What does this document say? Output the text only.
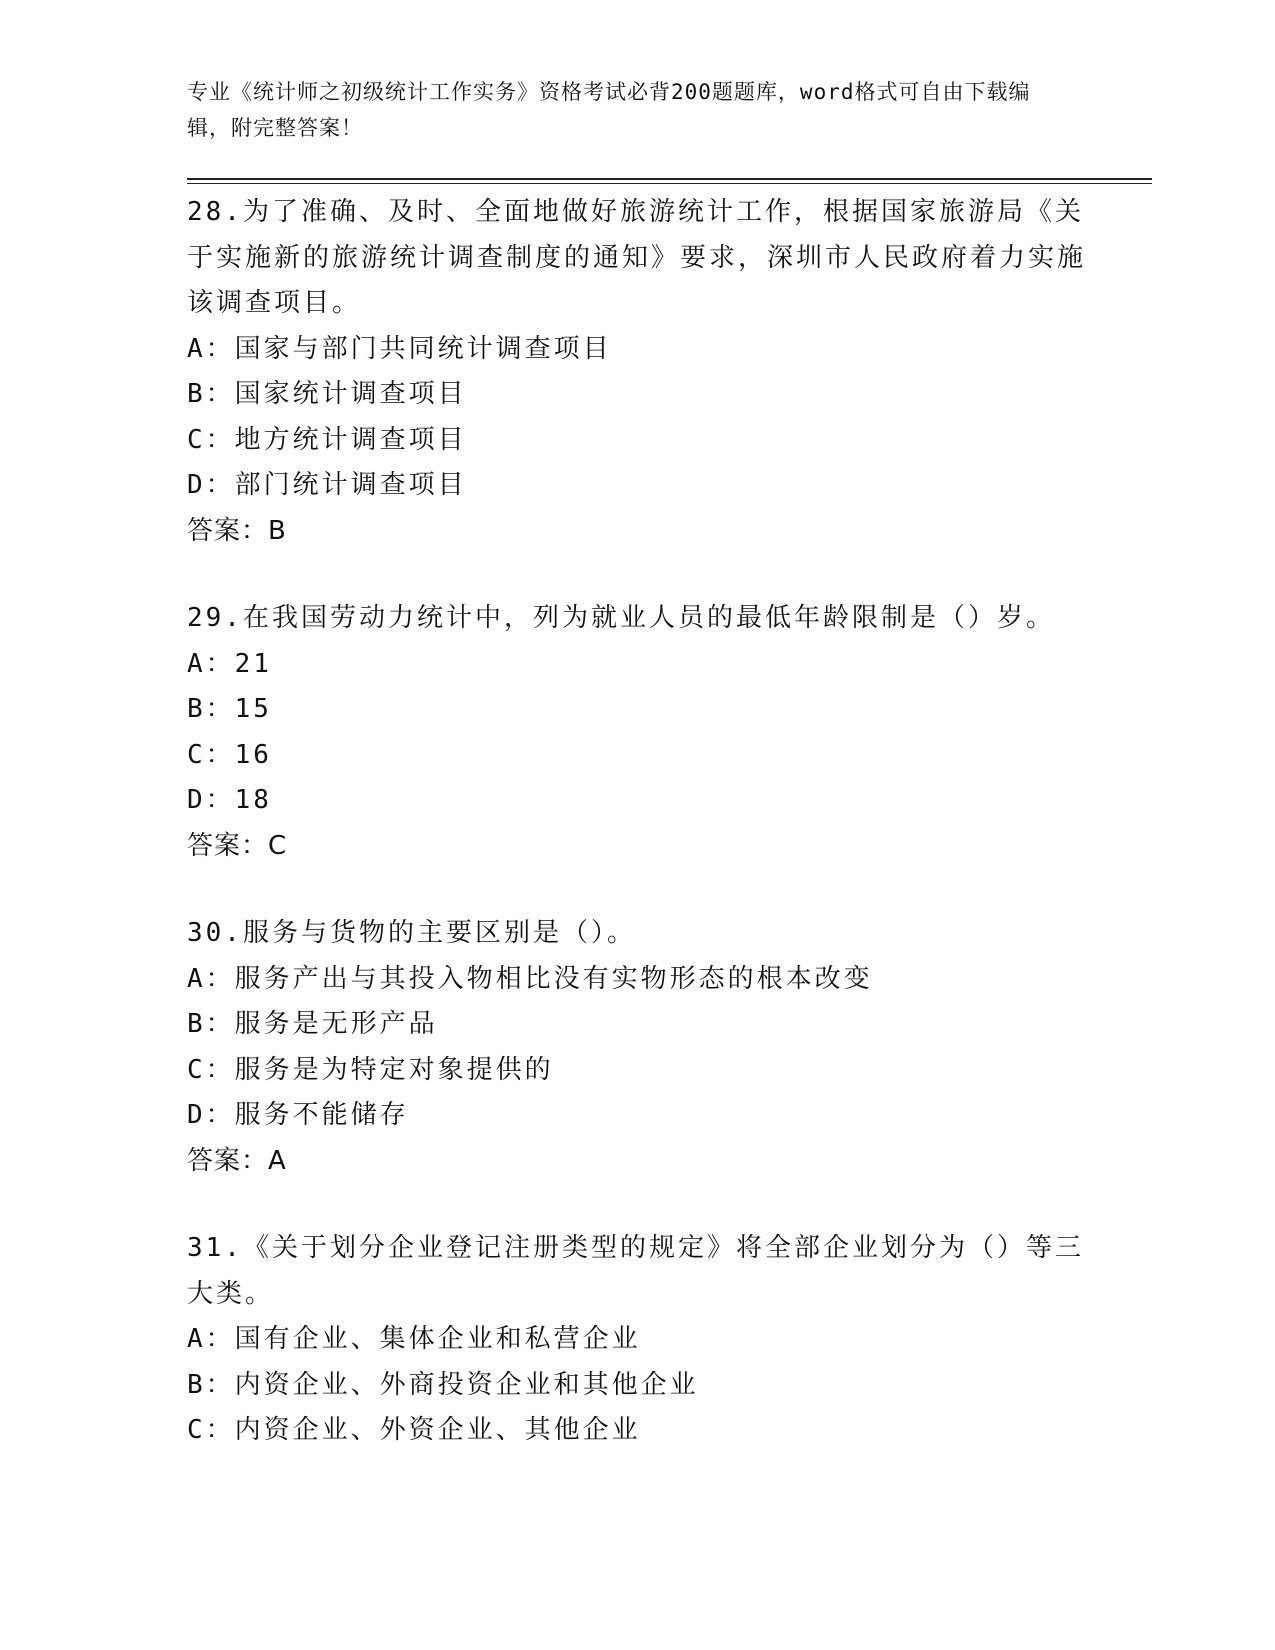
专业《统计师之初级统计工作实务》资格考试必背200题题库，word格式可自由下载编辑，附完整答案！
28.为了准确、及时、全面地做好旅游统计工作，根据国家旅游局《关于实施新的旅游统计调查制度的通知》要求，深圳市人民政府着力实施该调查项目。
A：国家与部门共同统计调查项目
B：国家统计调查项目
C：地方统计调查项目
D：部门统计调查项目
答案：B
29.在我国劳动力统计中，列为就业人员的最低年龄限制是（）岁。
A：21
B：15
C：16
D：18
答案：C
30.服务与货物的主要区别是（）。
A：服务产出与其投入物相比没有实物形态的根本改变
B：服务是无形产品
C：服务是为特定对象提供的
D：服务不能储存
答案：A
31.《关于划分企业登记注册类型的规定》将全部企业划分为（）等三大类。
A：国有企业、集体企业和私营企业
B：内资企业、外商投资企业和其他企业
C：内资企业、外资企业、其他企业
